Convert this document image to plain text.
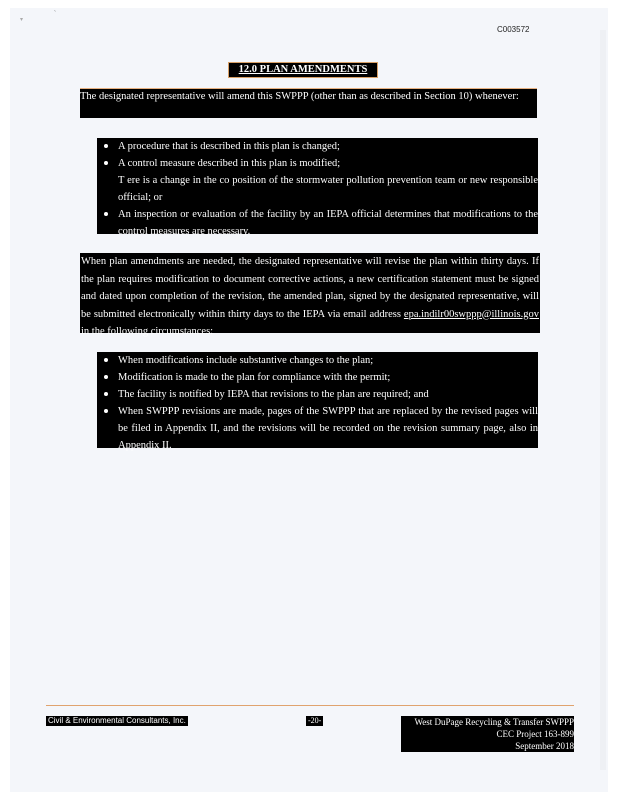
`
▾
C003572
12.0 PLAN AMENDMENTS
The designated representative will amend this SWPPP (other than as described in Section 10) whenever:
A procedure that is described in this plan is changed;
A control measure described in this plan is modified;
T ere is a change in the co position of the stormwater pollution prevention team or new responsible official; or
An inspection or evaluation of the facility by an IEPA official determines that modifications to the control measures are necessary.
When plan amendments are needed, the designated representative will revise the plan within thirty days. If the plan requires modification to document corrective actions, a new certification statement must be signed and dated upon completion of the revision, the amended plan, signed by the designated representative, will be submitted electronically within thirty days to the IEPA via email address epa.indilr00swppp@illinois.gov in the following circumstances:
When modifications include substantive changes to the plan;
Modification is made to the plan for compliance with the permit;
The facility is notified by IEPA that revisions to the plan are required; and
When SWPPP revisions are made, pages of the SWPPP that are replaced by the revised pages will be filed in Appendix II, and the revisions will be recorded on the revision summary page, also in Appendix II.
Civil & Environmental Consultants, Inc.	-20-	West DuPage Recycling & Transfer SWPPP
CEC Project 163-899
September 2018
